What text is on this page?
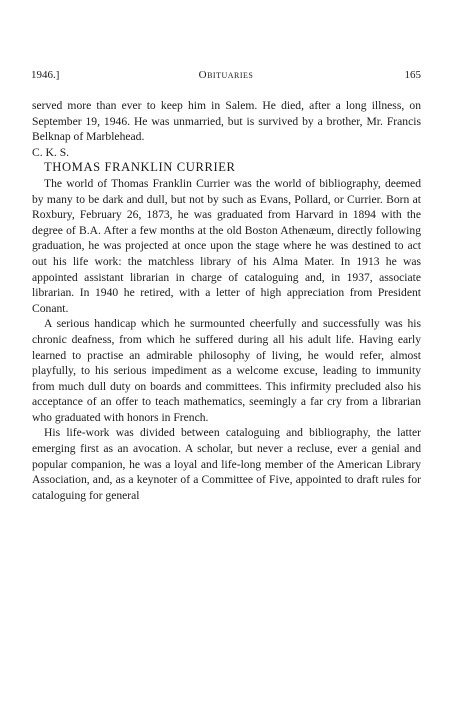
1946.]	Obituaries	165

served more than ever to keep him in Salem. He died, after a long illness, on September 19, 1946. He was unmarried, but is survived by a brother, Mr. Francis Belknap of Marblehead.

C. K. S.

THOMAS FRANKLIN CURRIER

The world of Thomas Franklin Currier was the world of bibliography, deemed by many to be dark and dull, but not by such as Evans, Pollard, or Currier. Born at Roxbury, February 26, 1873, he was graduated from Harvard in 1894 with the degree of B.A. After a few months at the old Boston Athenæum, directly following graduation, he was projected at once upon the stage where he was destined to act out his life work: the matchless library of his Alma Mater. In 1913 he was appointed assistant librarian in charge of cataloguing and, in 1937, associate librarian. In 1940 he retired, with a letter of high appreciation from President Conant.

A serious handicap which he surmounted cheerfully and successfully was his chronic deafness, from which he suffered during all his adult life. Having early learned to practise an admirable philosophy of living, he would refer, almost playfully, to his serious impediment as a welcome excuse, leading to immunity from much dull duty on boards and committees. This infirmity precluded also his acceptance of an offer to teach mathematics, seemingly a far cry from a librarian who graduated with honors in French.

His life-work was divided between cataloguing and bibliography, the latter emerging first as an avocation. A scholar, but never a recluse, ever a genial and popular companion, he was a loyal and life-long member of the American Library Association, and, as a keynoter of a Committee of Five, appointed to draft rules for cataloguing for general
